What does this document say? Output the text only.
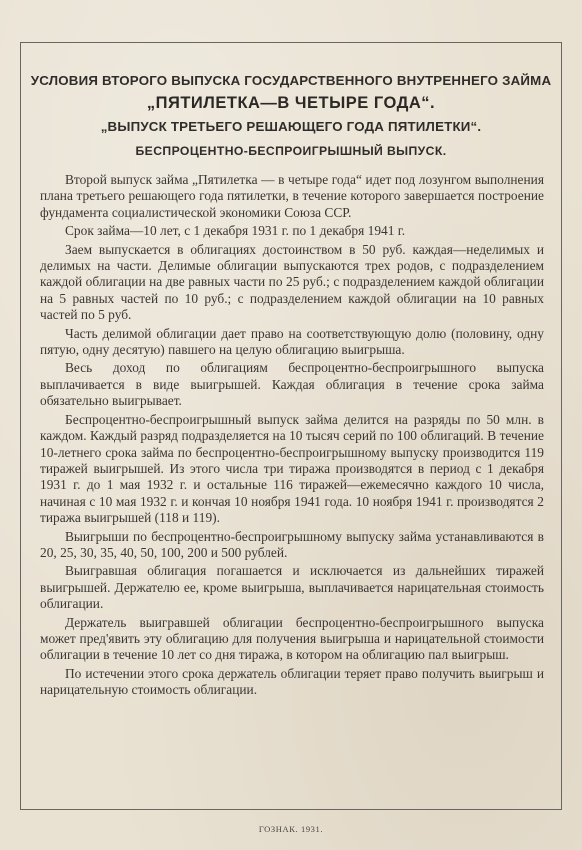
УСЛОВИЯ ВТОРОГО ВЫПУСКА ГОСУДАРСТВЕННОГО ВНУТРЕННЕГО ЗАЙМА
„ПЯТИЛЕТКА—В ЧЕТЫРЕ ГОДА“.
„ВЫПУСК ТРЕТЬЕГО РЕШАЮЩЕГО ГОДА ПЯТИЛЕТКИ“.
БЕСПРОЦЕНТНО-БЕСПРОИГРЫШНЫЙ ВЫПУСК.

Второй выпуск займа „Пятилетка — в четыре года“ идет под лозунгом выполнения плана третьего решающего года пятилетки, в течение которого завершается построение фундамента социалистической экономики Союза ССР.

Срок займа—10 лет, с 1 декабря 1931 г. по 1 декабря 1941 г.

Заем выпускается в облигациях достоинством в 50 руб. каждая—неделимых и делимых на части. Делимые облигации выпускаются трех родов, с подразделением каждой облигации на две равных части по 25 руб.; с подразделением каждой облигации на 5 равных частей по 10 руб.; с подразделением каждой облигации на 10 равных частей по 5 руб.

Часть делимой облигации дает право на соответствующую долю (половину, одну пятую, одну десятую) павшего на целую облигацию выигрыша.

Весь доход по облигациям беспроцентно-беспроигрышного выпуска выплачивается в виде выигрышей. Каждая облигация в течение срока займа обязательно выигрывает.

Беспроцентно-беспроигрышный выпуск займа делится на разряды по 50 млн. в каждом. Каждый разряд подразделяется на 10 тысяч серий по 100 облигаций. В течение 10-летнего срока займа по беспроцентно-беспроигрышному выпуску производится 119 тиражей выигрышей. Из этого числа три тиража производятся в период с 1 декабря 1931 г. до 1 мая 1932 г. и остальные 116 тиражей—ежемесячно каждого 10 числа, начиная с 10 мая 1932 г. и кончая 10 ноября 1941 года. 10 ноября 1941 г. производятся 2 тиража выигрышей (118 и 119).

Выигрыши по беспроцентно-беспроигрышному выпуску займа устанавливаются в 20, 25, 30, 35, 40, 50, 100, 200 и 500 рублей.

Выигравшая облигация погашается и исключается из дальнейших тиражей выигрышей. Держателю ее, кроме выигрыша, выплачивается нарицательная стоимость облигации.

Держатель выигравшей облигации беспроцентно-беспроигрышного выпуска может пред'явить эту облигацию для получения выигрыша и нарицательной стоимости облигации в течение 10 лет со дня тиража, в котором на облигацию пал выигрыш.

По истечении этого срока держатель облигации теряет право получить выигрыш и нарицательную стоимость облигации.

ГОЗНАК. 1931.
